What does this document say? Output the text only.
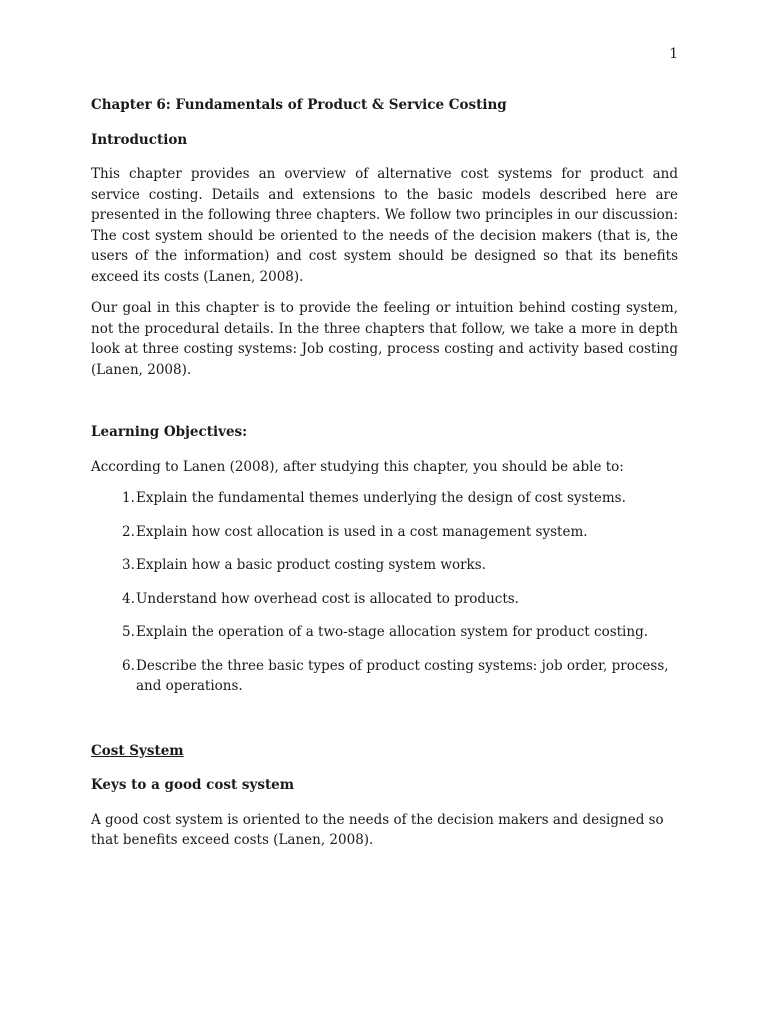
1
Chapter 6: Fundamentals of Product & Service Costing
Introduction

This chapter provides an overview of alternative cost systems for product and service costing. Details and extensions to the basic models described here are presented in the following three chapters. We follow two principles in our discussion: The cost system should be oriented to the needs of the decision makers (that is, the users of the information) and cost system should be designed so that its benefits exceed its costs (Lanen, 2008).

Our goal in this chapter is to provide the feeling or intuition behind costing system, not the procedural details. In the three chapters that follow, we take a more in depth look at three costing systems: Job costing, process costing and activity based costing (Lanen, 2008).

Learning Objectives:

According to Lanen (2008), after studying this chapter, you should be able to:

1. Explain the fundamental themes underlying the design of cost systems.
2. Explain how cost allocation is used in a cost management system.
3. Explain how a basic product costing system works.
4. Understand how overhead cost is allocated to products.
5. Explain the operation of a two-stage allocation system for product costing.
6. Describe the three basic types of product costing systems: job order, process, and operations.
Cost System
Keys to a good cost system

A good cost system is oriented to the needs of the decision makers and designed so that benefits exceed costs (Lanen, 2008).
